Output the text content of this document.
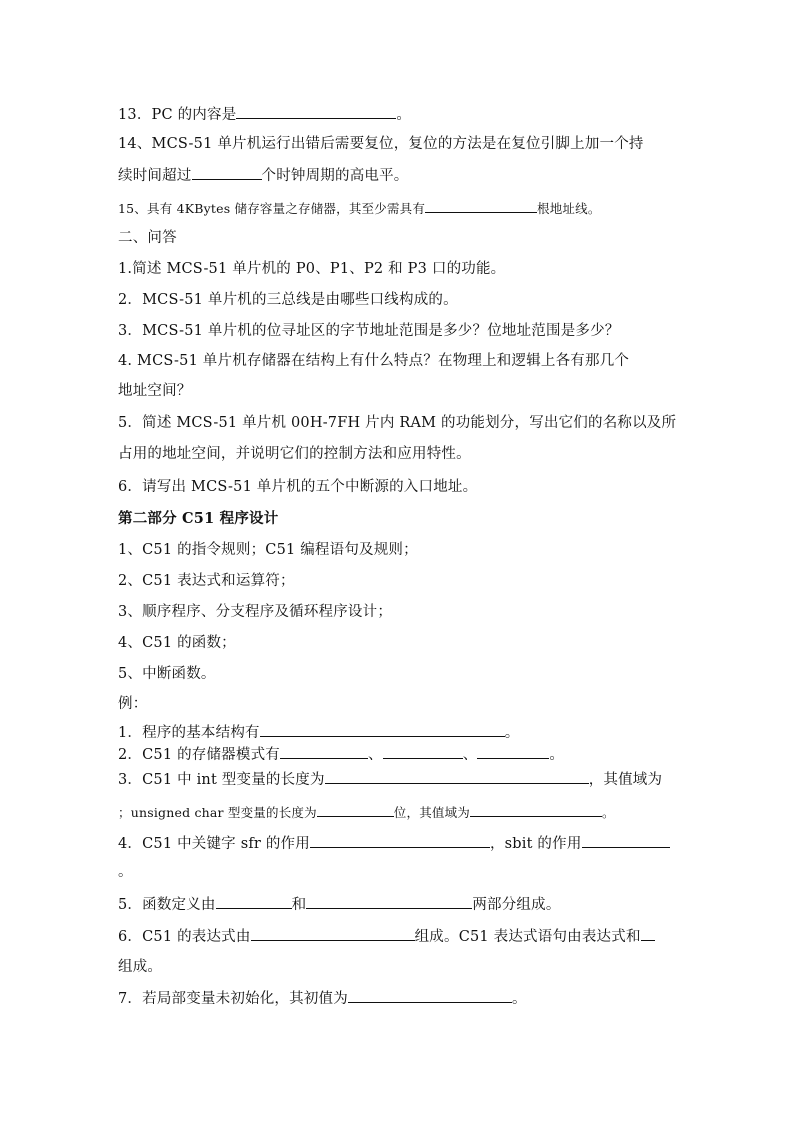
13．PC 的内容是	。
14、MCS-51 单片机运行出错后需要复位，复位的方法是在复位引脚上加一个持
续时间超过	个时钟周期的高电平。
15、具有 4KBytes 储存容量之存储器，其至少需具有	根地址线。
二、问答
1.简述 MCS-51 单片机的 P0、P1、P2 和 P3 口的功能。
2．MCS-51 单片机的三总线是由哪些口线构成的。
3．MCS-51 单片机的位寻址区的字节地址范围是多少？位地址范围是多少？
4. MCS-51 单片机存储器在结构上有什么特点？在物理上和逻辑上各有那几个
地址空间？
5．简述 MCS-51 单片机 00H-7FH 片内 RAM 的功能划分，写出它们的名称以及所
占用的地址空间，并说明它们的控制方法和应用特性。
6．请写出 MCS-51 单片机的五个中断源的入口地址。
第二部分 C51 程序设计
1、C51 的指令规则；C51 编程语句及规则；
2、C51 表达式和运算符；
3、顺序程序、分支程序及循环程序设计；
4、C51 的函数；
5、中断函数。
例：
1．程序的基本结构有	。
2．C51 的存储器模式有	、	、	。
3．C51 中 int 型变量的长度为	，其值域为
；unsigned char 型变量的长度为	位，其值域为	。
4．C51 中关键字 sfr 的作用	，sbit 的作用
。
5．函数定义由	和	两部分组成。
6．C51 的表达式由	组成。C51 表达式语句由表达式和
组成。
7．若局部变量未初始化，其初值为	。
